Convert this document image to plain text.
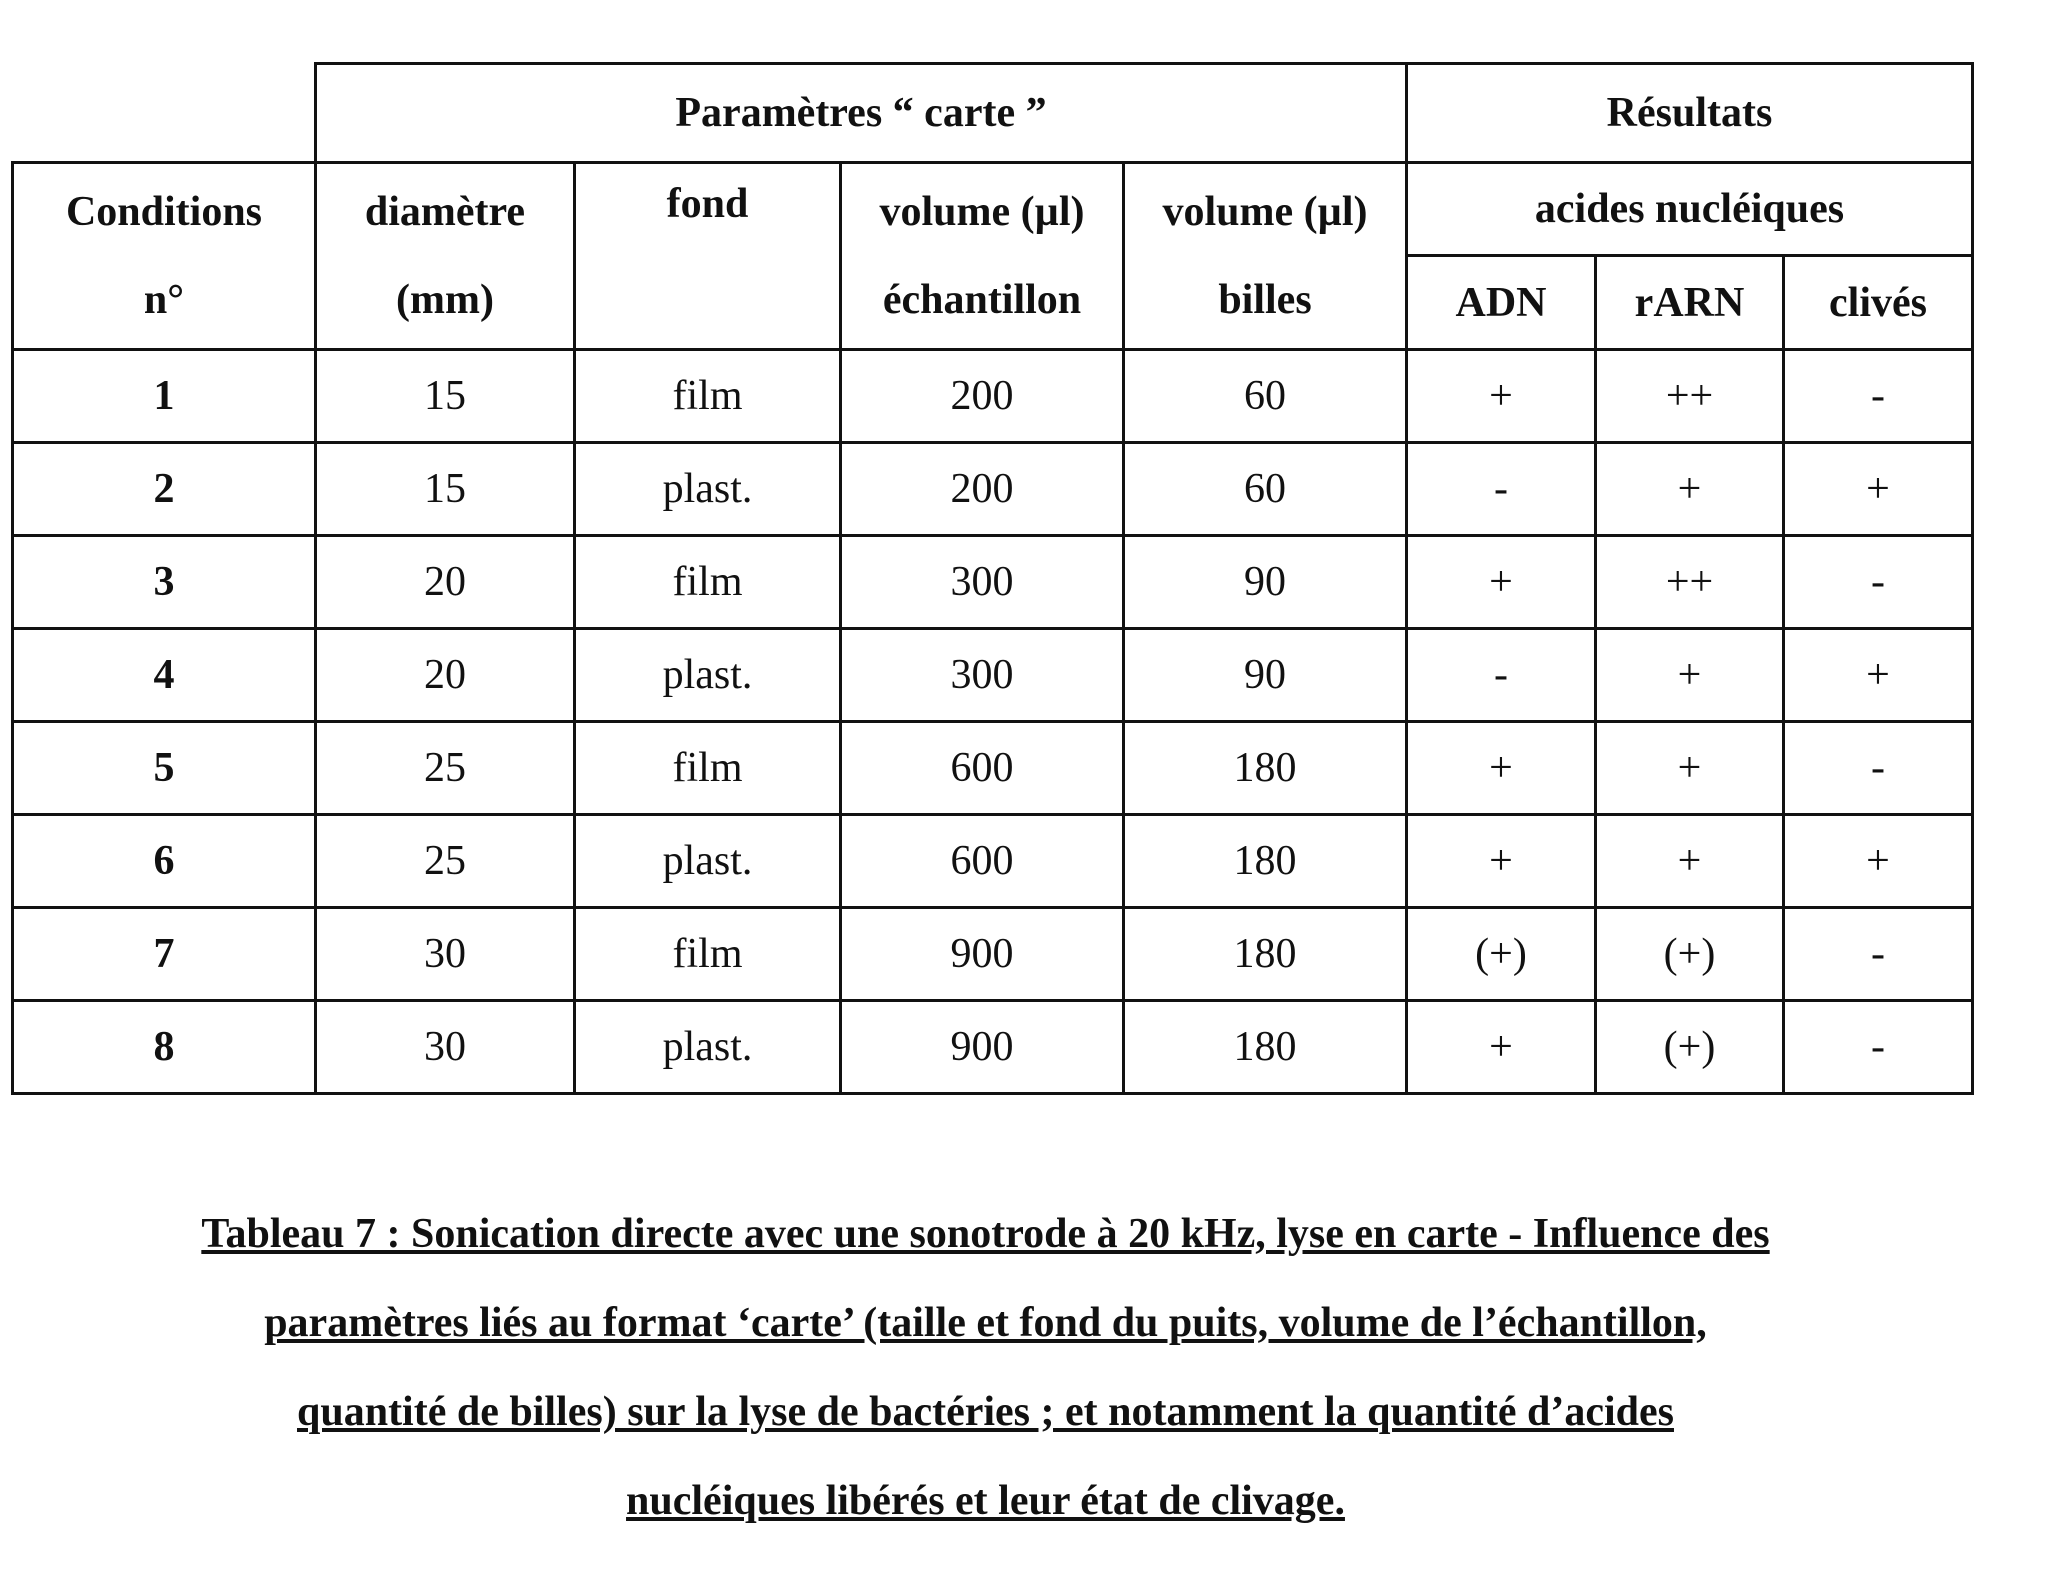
	Paramètres “ carte ”	Résultats

Conditions
n°

diamètre
(mm)
	fond	volume (µl)
échantillon

volume (µl)
billes
	acides nucléiques
ADN	rARN	clivés
1	15	film	200	60	+	++	-
2	15	plast.	200	60	-	+	+
3	20	film	300	90	+	++	-
4	20	plast.	300	90	-	+	+
5	25	film	600	180	+	+	-
6	25	plast.	600	180	+	+	+
7	30	film	900	180	(+)	(+)	-
8	30	plast.	900	180	+	(+)	-
Tableau 7 : Sonication directe avec une sonotrode à 20 kHz, lyse en carte - Influence des
paramètres liés au format ‘carte’ (taille et fond du puits, volume de l’échantillon,
quantité de billes) sur la lyse de bactéries ; et notamment la quantité d’acides
nucléiques libérés et leur état de clivage.
